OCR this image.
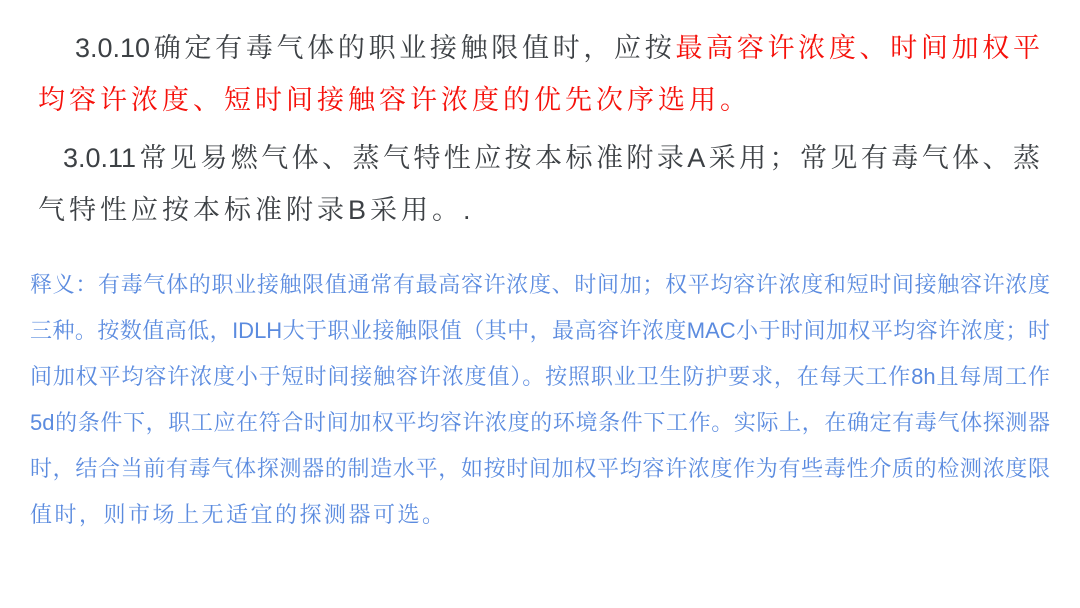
3.0.10确定有毒气体的职业接触限值时，应按最高容许浓度、时间加权平

均容许浓度、短时间接触容许浓度的优先次序选用。

3.0.11常见易燃气体、蒸气特性应按本标准附录A采用；常见有毒气体、蒸

气特性应按本标准附录B采用。.

释义：有毒气体的职业接触限值通常有最高容许浓度、时间加；权平均容许浓度和短时间接触容许浓度

三种。按数值高低，IDLH大于职业接触限值（其中，最高容许浓度MAC小于时间加权平均容许浓度；时

间加权平均容许浓度小于短时间接触容许浓度值）。按照职业卫生防护要求，在每天工作8h且每周工作

5d的条件下，职工应在符合时间加权平均容许浓度的环境条件下工作。实际上，在确定有毒气体探测器

时，结合当前有毒气体探测器的制造水平，如按时间加权平均容许浓度作为有些毒性介质的检测浓度限

值时，则市场上无适宜的探测器可选。
